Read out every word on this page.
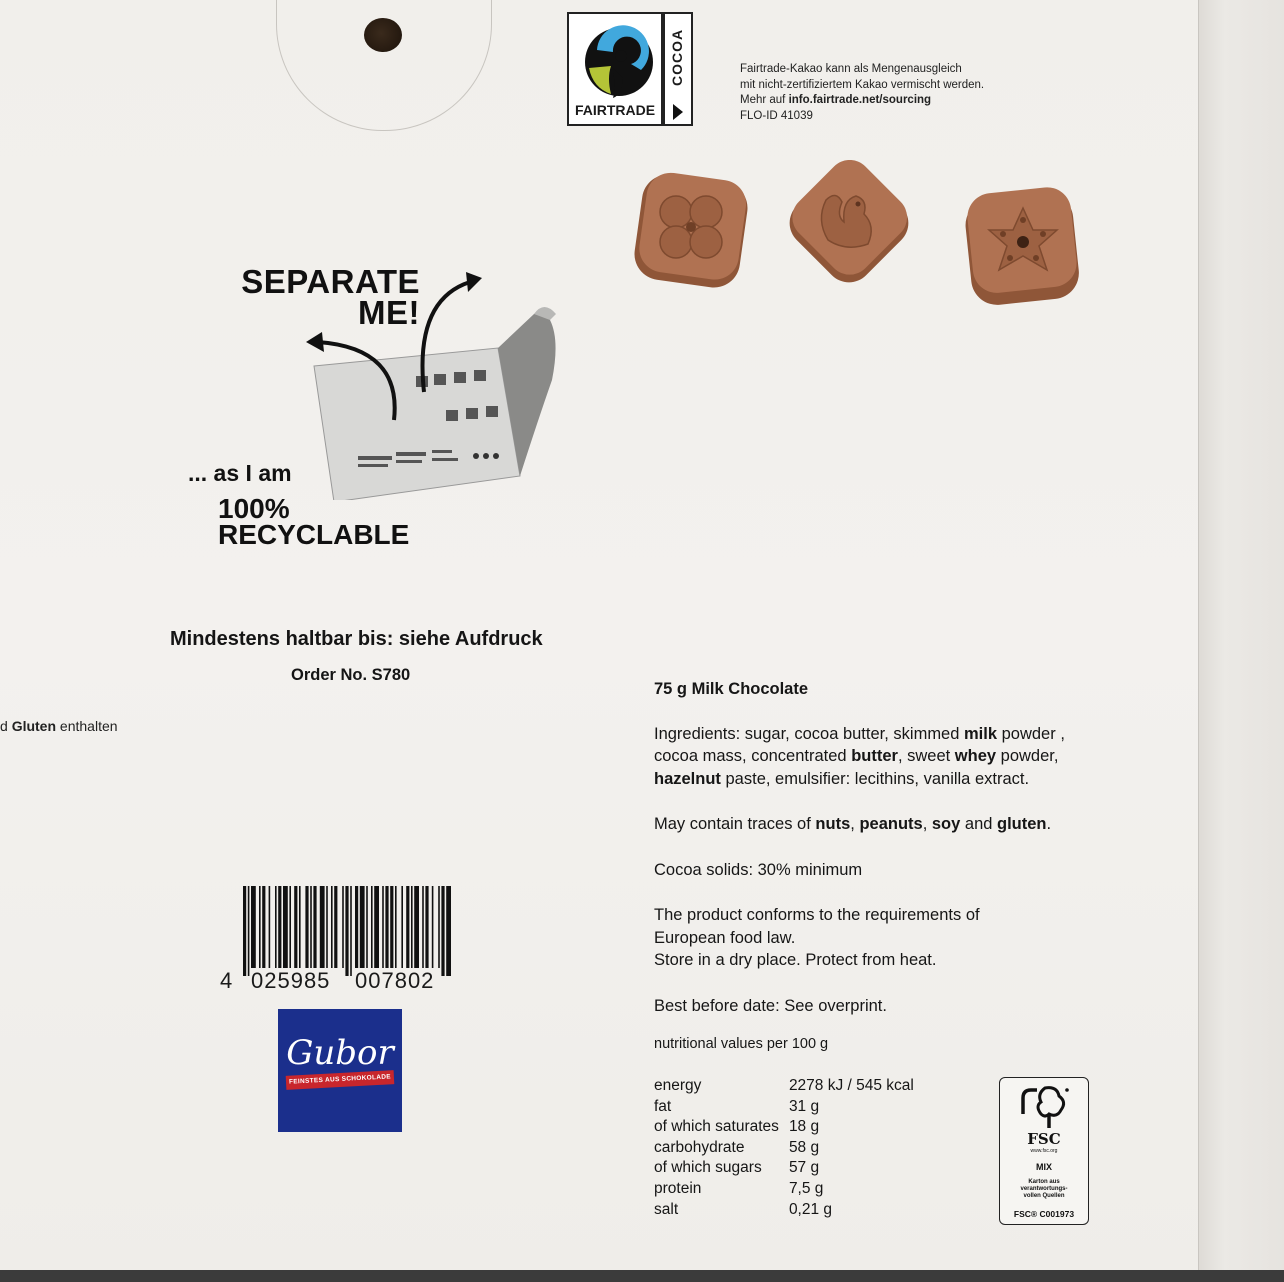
FAIRTRADE
COCOA	Fairtrade-Kakao kann als Mengenausgleich
mit nicht-zertifiziertem Kakao vermischt werden.
Mehr auf info.fairtrade.net/sourcing
FLO-ID 41039
SEPARATE
ME!
... as I am
100%
RECYCLABLE
Mindestens haltbar bis: siehe Aufdruck
Order No. S780
d Gluten enthalten
4 025985 007802
Gubor
FEINSTES AUS SCHOKOLADE

75 g Milk Chocolate

Ingredients: sugar, cocoa butter, skimmed milk powder ,
cocoa mass, concentrated butter, sweet whey powder,
hazelnut paste, emulsifier: lecithins, vanilla extract.

May contain traces of nuts, peanuts, soy and gluten.

Cocoa solids: 30% minimum

The product conforms to the requirements of
European food law.
Store in a dry place. Protect from heat.

Best before date: See overprint.

nutritional values per 100 g
energy	2278 kJ / 545 kcal
fat	31 g
of which saturates	18 g
carbohydrate	58 g
of which sugars	57 g
protein	7,5 g
salt	0,21 g
FSC
www.fsc.org
MIX
Karton aus
verantwortungs-
vollen Quellen
FSC® C001973
